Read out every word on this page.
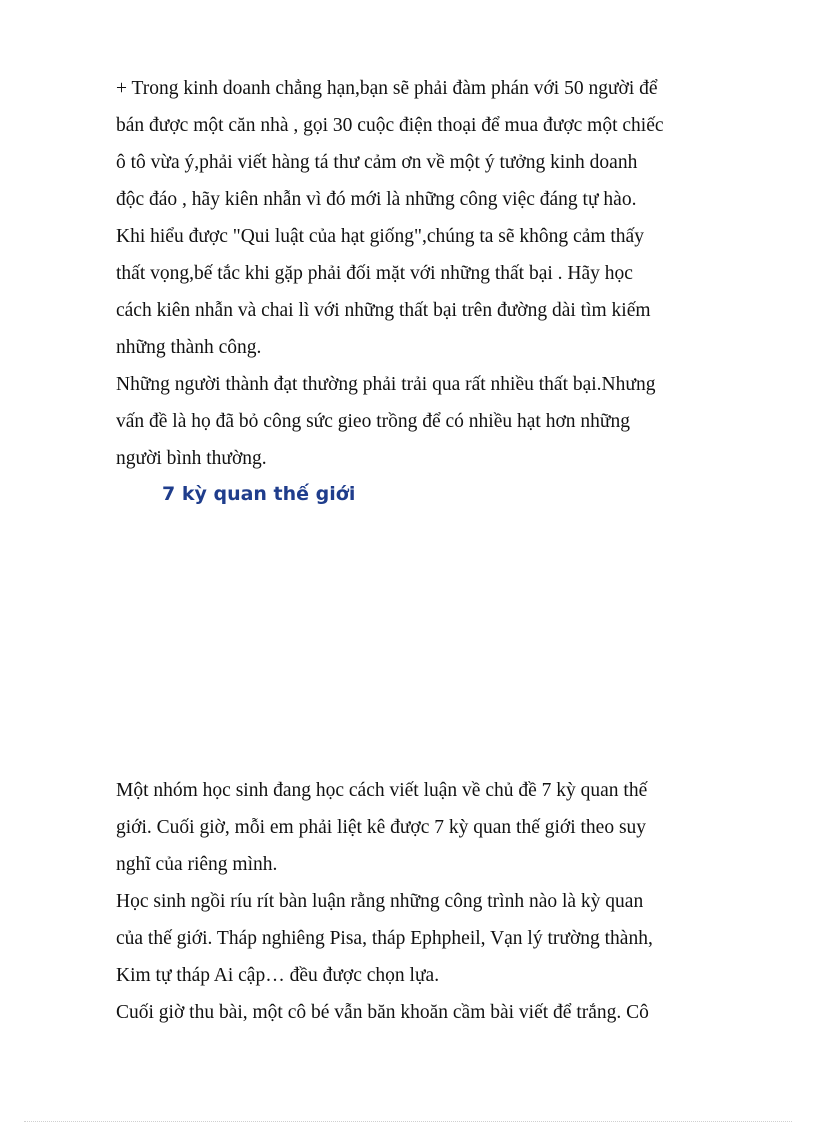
+ Trong kinh doanh chẳng hạn,bạn sẽ phải đàm phán với 50 người để
bán được một căn nhà , gọi 30 cuộc điện thoại để mua được một chiếc
ô tô vừa ý,phải viết hàng tá thư cảm ơn về một ý tưởng kinh doanh
độc đáo , hãy kiên nhẫn vì đó mới là những công việc đáng tự hào.
Khi hiểu được "Qui luật của hạt giống",chúng ta sẽ không cảm thấy
thất vọng,bế tắc khi gặp phải đối mặt với những thất bại . Hãy học
cách kiên nhẫn và chai lì với những thất bại trên đường dài tìm kiếm
những thành công.

Những người thành đạt thường phải trải qua rất nhiều thất bại.Nhưng
vấn đề là họ đã bỏ công sức gieo trồng để có nhiều hạt hơn những
người bình thường.

7 kỳ quan thế giới

Một nhóm học sinh đang học cách viết luận về chủ đề 7 kỳ quan thế
giới. Cuối giờ, mỗi em phải liệt kê được 7 kỳ quan thế giới theo suy
nghĩ của riêng mình.

Học sinh ngồi ríu rít bàn luận rằng những công trình nào là kỳ quan
của thế giới. Tháp nghiêng Pisa, tháp Ephpheil, Vạn lý trường thành,
Kim tự tháp Ai cập… đều được chọn lựa.

Cuối giờ thu bài, một cô bé vẫn băn khoăn cầm bài viết để trắng. Cô
